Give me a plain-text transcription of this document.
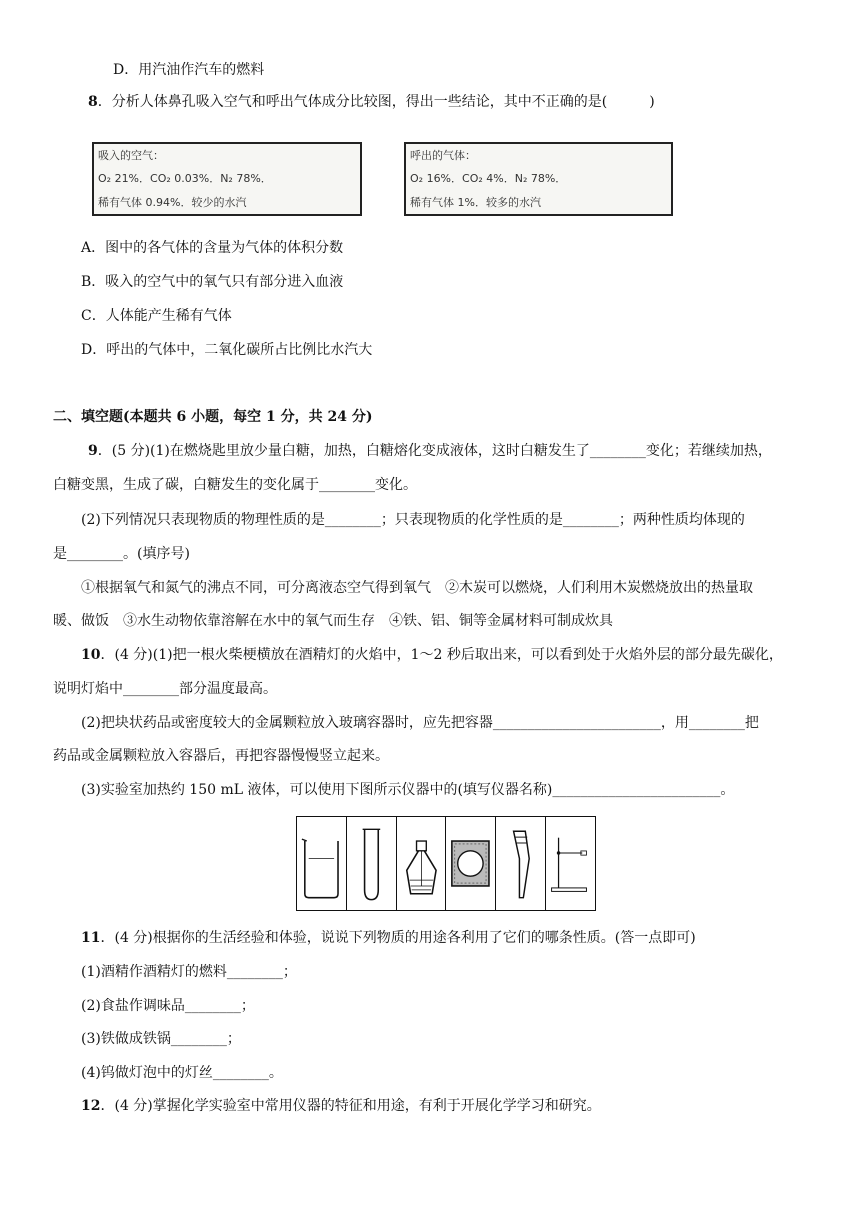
D．用汽油作汽车的燃料
8．分析人体鼻孔吸入空气和呼出气体成分比较图，得出一些结论，其中不正确的是(　　　)
吸入的空气：
O₂ 21%．CO₂ 0.03%．N₂ 78%．
稀有气体 0.94%．较少的水汽
呼出的气体：
O₂ 16%．CO₂ 4%．N₂ 78%．
稀有气体 1%．较多的水汽
A．图中的各气体的含量为气体的体积分数
B．吸入的空气中的氧气只有部分进入血液
C．人体能产生稀有气体
D．呼出的气体中，二氧化碳所占比例比水汽大
二、填空题(本题共 6 小题，每空 1 分，共 24 分)
9．(5 分)(1)在燃烧匙里放少量白糖，加热，白糖熔化变成液体，这时白糖发生了________变化；若继续加热，
白糖变黑，生成了碳，白糖发生的变化属于________变化。
(2)下列情况只表现物质的物理性质的是________；只表现物质的化学性质的是________；两种性质均体现的
是________。(填序号)
①根据氧气和氮气的沸点不同，可分离液态空气得到氧气　②木炭可以燃烧，人们利用木炭燃烧放出的热量取
暖、做饭　③水生动物依靠溶解在水中的氧气而生存　④铁、铝、铜等金属材料可制成炊具
10．(4 分)(1)把一根火柴梗横放在酒精灯的火焰中，1～2 秒后取出来，可以看到处于火焰外层的部分最先碳化，
说明灯焰中________部分温度最高。
(2)把块状药品或密度较大的金属颗粒放入玻璃容器时，应先把容器________________________，用________把
药品或金属颗粒放入容器后，再把容器慢慢竖立起来。
(3)实验室加热约 150 mL 液体，可以使用下图所示仪器中的(填写仪器名称)________________________。
11．(4 分)根据你的生活经验和体验，说说下列物质的用途各利用了它们的哪条性质。(答一点即可)
(1)酒精作酒精灯的燃料________；
(2)食盐作调味品________；
(3)铁做成铁锅________；
(4)钨做灯泡中的灯丝________。
12．(4 分)掌握化学实验室中常用仪器的特征和用途，有利于开展化学学习和研究。
